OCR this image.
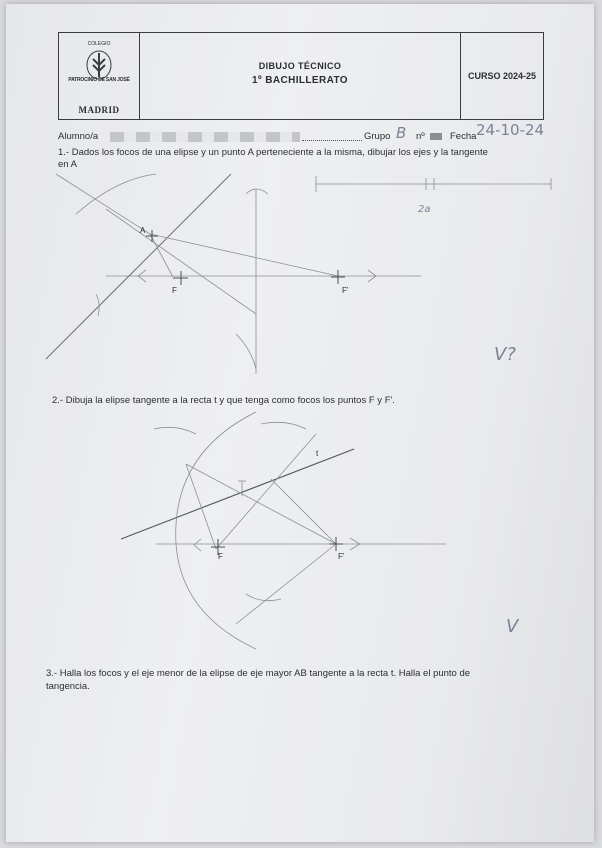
COLEGIO
PATROCINIO DE SAN JOSÉ
MADRID
DIBUJO TÉCNICO
1º BACHILLERATO	CURSO 2024-25
Alumno/a	Grupo B nº	Fecha 24-10-24
1.- Dados los focos de una elipse y un punto A perteneciente a la misma, dibujar los ejes y la tangente
en A
2.- Dibuja la elipse tangente a la recta t y que tenga como focos los puntos F y F'.
3.- Halla los focos y el eje menor de la elipse de eje mayor AB tangente a la recta t. Halla el punto de
tangencia.
A
F	F'
2a
V?
t
F	F'
V
